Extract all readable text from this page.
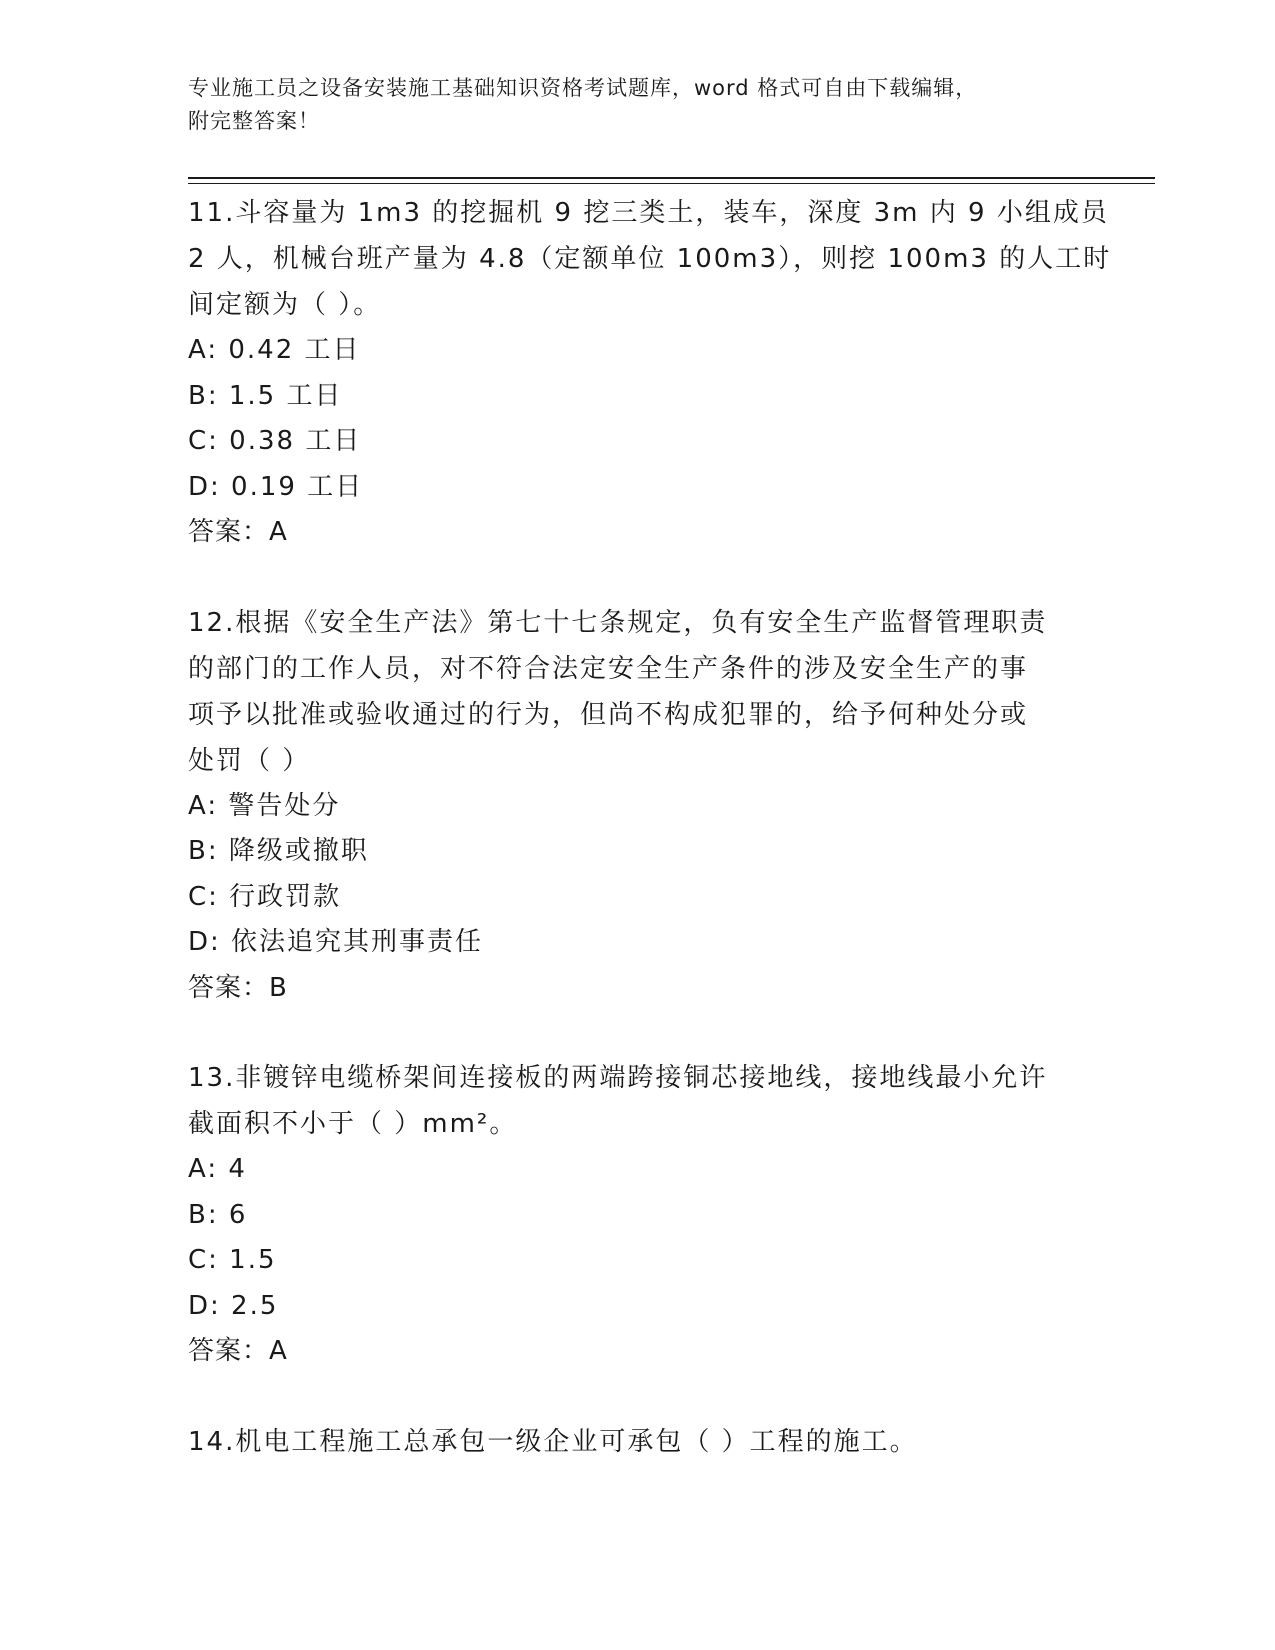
专业施工员之设备安装施工基础知识资格考试题库，word 格式可自由下载编辑，
附完整答案！
11.斗容量为 1m3 的挖掘机 9 挖三类土，装车，深度 3m 内 9 小组成员
2 人，机械台班产量为 4.8（定额单位 100m3），则挖 100m3 的人工时
间定额为（ ）。
A: 0.42 工日
B: 1.5 工日
C: 0.38 工日
D: 0.19 工日
答案：A
12.根据《安全生产法》第七十七条规定，负有安全生产监督管理职责
的部门的工作人员，对不符合法定安全生产条件的涉及安全生产的事
项予以批准或验收通过的行为，但尚不构成犯罪的，给予何种处分或
处罚（ ）
A: 警告处分
B: 降级或撤职
C: 行政罚款
D: 依法追究其刑事责任
答案：B
13.非镀锌电缆桥架间连接板的两端跨接铜芯接地线，接地线最小允许
截面积不小于（ ）mm²。
A: 4
B: 6
C: 1.5
D: 2.5
答案：A
14.机电工程施工总承包一级企业可承包（ ）工程的施工。
